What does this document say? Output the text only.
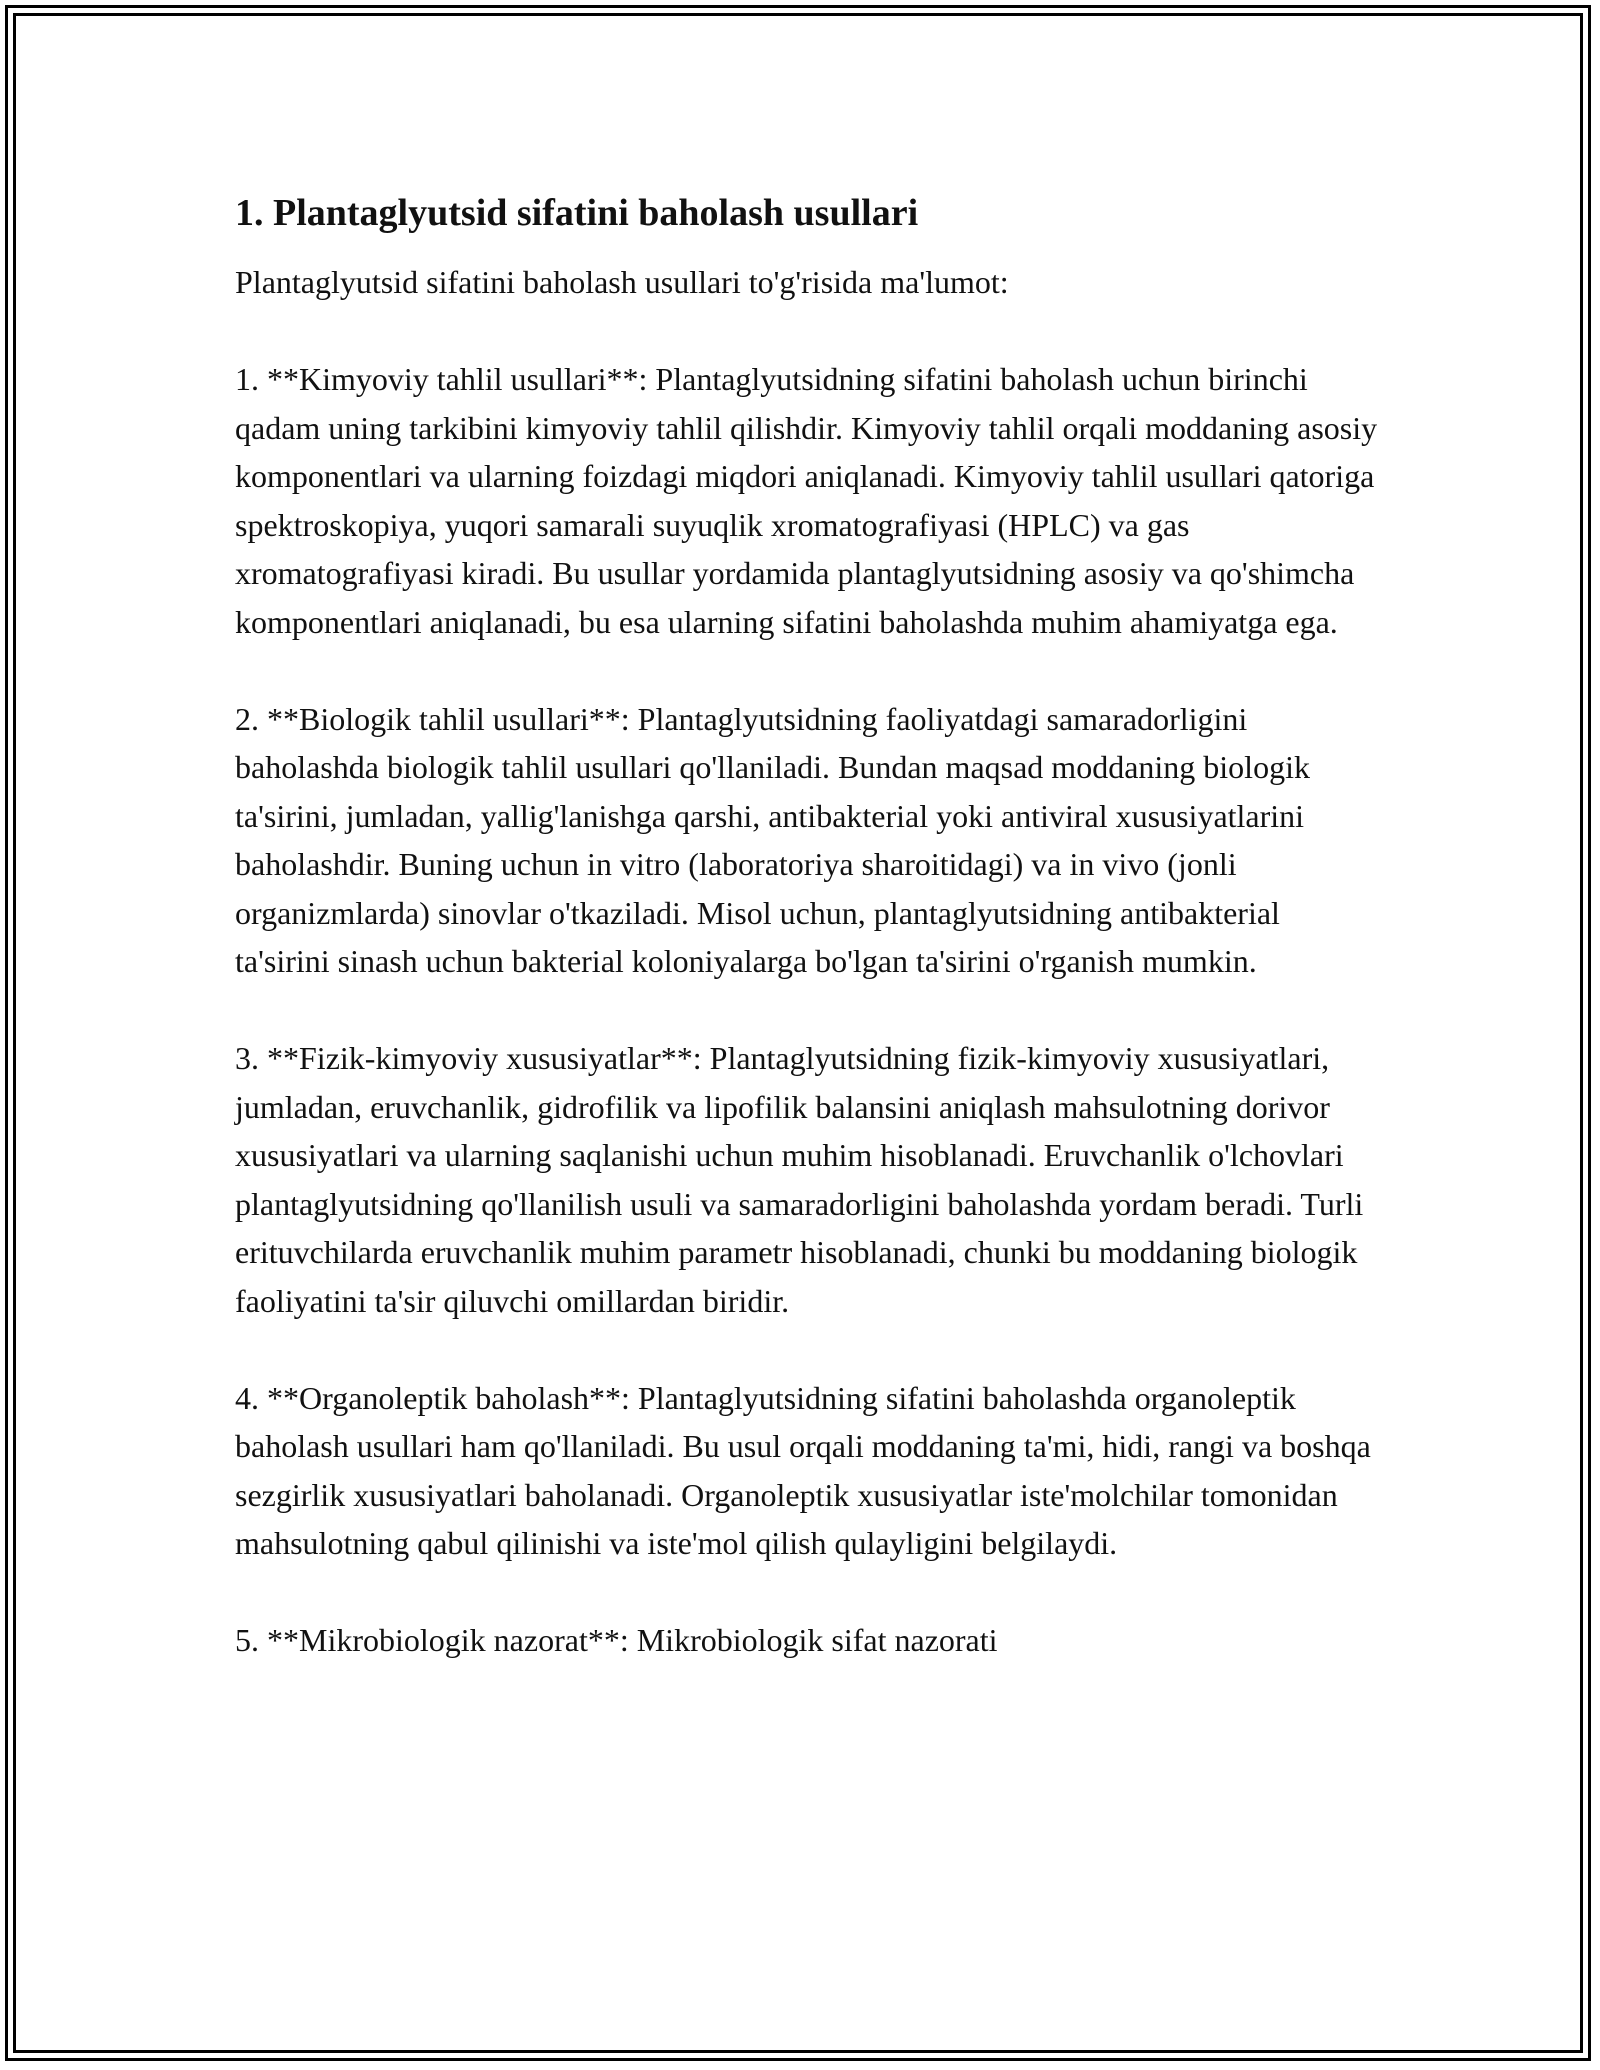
1. Plantaglyutsid sifatini baholash usullari

Plantaglyutsid sifatini baholash usullari to'g'risida ma'lumot:

1. **Kimyoviy tahlil usullari**: Plantaglyutsidning sifatini baholash uchun birinchi qadam uning tarkibini kimyoviy tahlil qilishdir. Kimyoviy tahlil orqali moddaning asosiy komponentlari va ularning foizdagi miqdori aniqlanadi. Kimyoviy tahlil usullari qatoriga spektroskopiya, yuqori samarali suyuqlik xromatografiyasi (HPLC) va gas xromatografiyasi kiradi. Bu usullar yordamida plantaglyutsidning asosiy va qo'shimcha komponentlari aniqlanadi, bu esa ularning sifatini baholashda muhim ahamiyatga ega.

2. **Biologik tahlil usullari**: Plantaglyutsidning faoliyatdagi samaradorligini baholashda biologik tahlil usullari qo'llaniladi. Bundan maqsad moddaning biologik ta'sirini, jumladan, yallig'lanishga qarshi, antibakterial yoki antiviral xususiyatlarini baholashdir. Buning uchun in vitro (laboratoriya sharoitidagi) va in vivo (jonli organizmlarda) sinovlar o'tkaziladi. Misol uchun, plantaglyutsidning antibakterial ta'sirini sinash uchun bakterial koloniyalarga bo'lgan ta'sirini o'rganish mumkin.

3. **Fizik-kimyoviy xususiyatlar**: Plantaglyutsidning fizik-kimyoviy xususiyatlari, jumladan, eruvchanlik, gidrofilik va lipofilik balansini aniqlash mahsulotning dorivor xususiyatlari va ularning saqlanishi uchun muhim hisoblanadi. Eruvchanlik o'lchovlari plantaglyutsidning qo'llanilish usuli va samaradorligini baholashda yordam beradi. Turli erituvchilarda eruvchanlik muhim parametr hisoblanadi, chunki bu moddaning biologik faoliyatini ta'sir qiluvchi omillardan biridir.

4. **Organoleptik baholash**: Plantaglyutsidning sifatini baholashda organoleptik baholash usullari ham qo'llaniladi. Bu usul orqali moddaning ta'mi, hidi, rangi va boshqa sezgirlik xususiyatlari baholanadi. Organoleptik xususiyatlar iste'molchilar tomonidan mahsulotning qabul qilinishi va iste'mol qilish qulayligini belgilaydi.

5. **Mikrobiologik nazorat**: Mikrobiologik sifat nazorati
